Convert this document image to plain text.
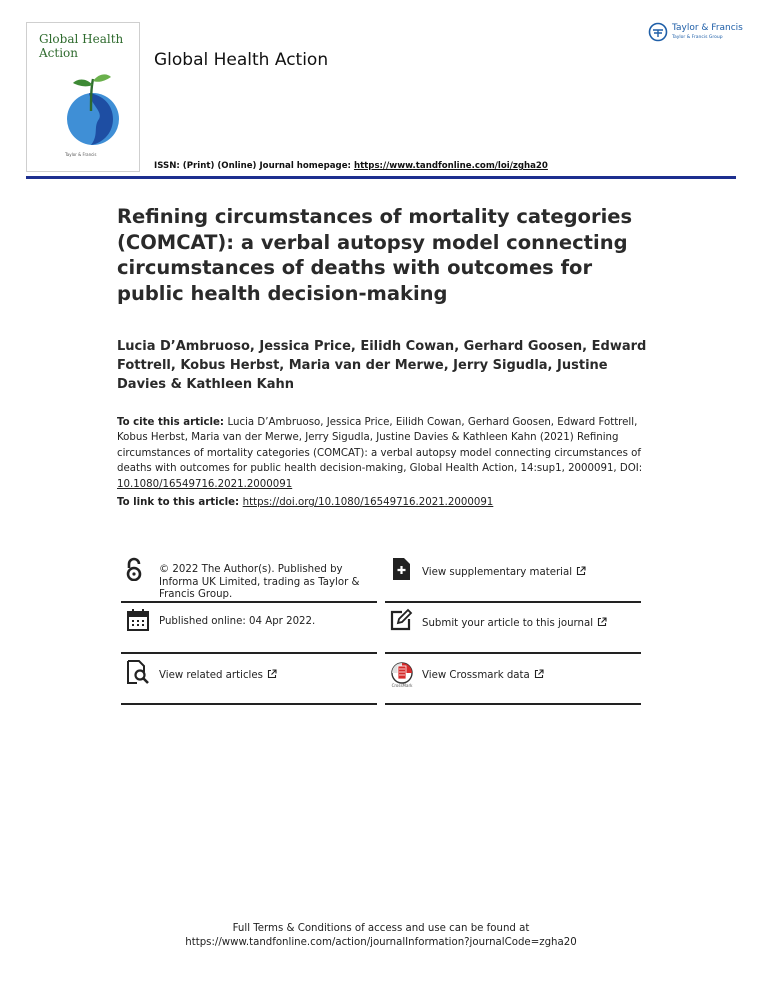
Global Health
Action
Taylor & Francis
Global Health Action
ISSN: (Print) (Online) Journal homepage: https://www.tandfonline.com/loi/zgha20
Taylor & Francis
Taylor & Francis Group
Refining circumstances of mortality categories (COMCAT): a verbal autopsy model connecting circumstances of deaths with outcomes for public health decision-making
Lucia D’Ambruoso, Jessica Price, Eilidh Cowan, Gerhard Goosen, Edward Fottrell, Kobus Herbst, Maria van der Merwe, Jerry Sigudla, Justine Davies & Kathleen Kahn
To cite this article: Lucia D’Ambruoso, Jessica Price, Eilidh Cowan, Gerhard Goosen, Edward Fottrell, Kobus Herbst, Maria van der Merwe, Jerry Sigudla, Justine Davies & Kathleen Kahn (2021) Refining circumstances of mortality categories (COMCAT): a verbal autopsy model connecting circumstances of deaths with outcomes for public health decision-making, Global Health Action, 14:sup1, 2000091, DOI: 10.1080/16549716.2021.2000091
To link to this article: https://doi.org/10.1080/16549716.2021.2000091
© 2022 The Author(s). Published by Informa UK Limited, trading as Taylor & Francis Group.
View supplementary material
Published online: 04 Apr 2022.	Submit your article to this journal
View related articles
CrossMark
View Crossmark data
Full Terms & Conditions of access and use can be found at
https://www.tandfonline.com/action/journalInformation?journalCode=zgha20
